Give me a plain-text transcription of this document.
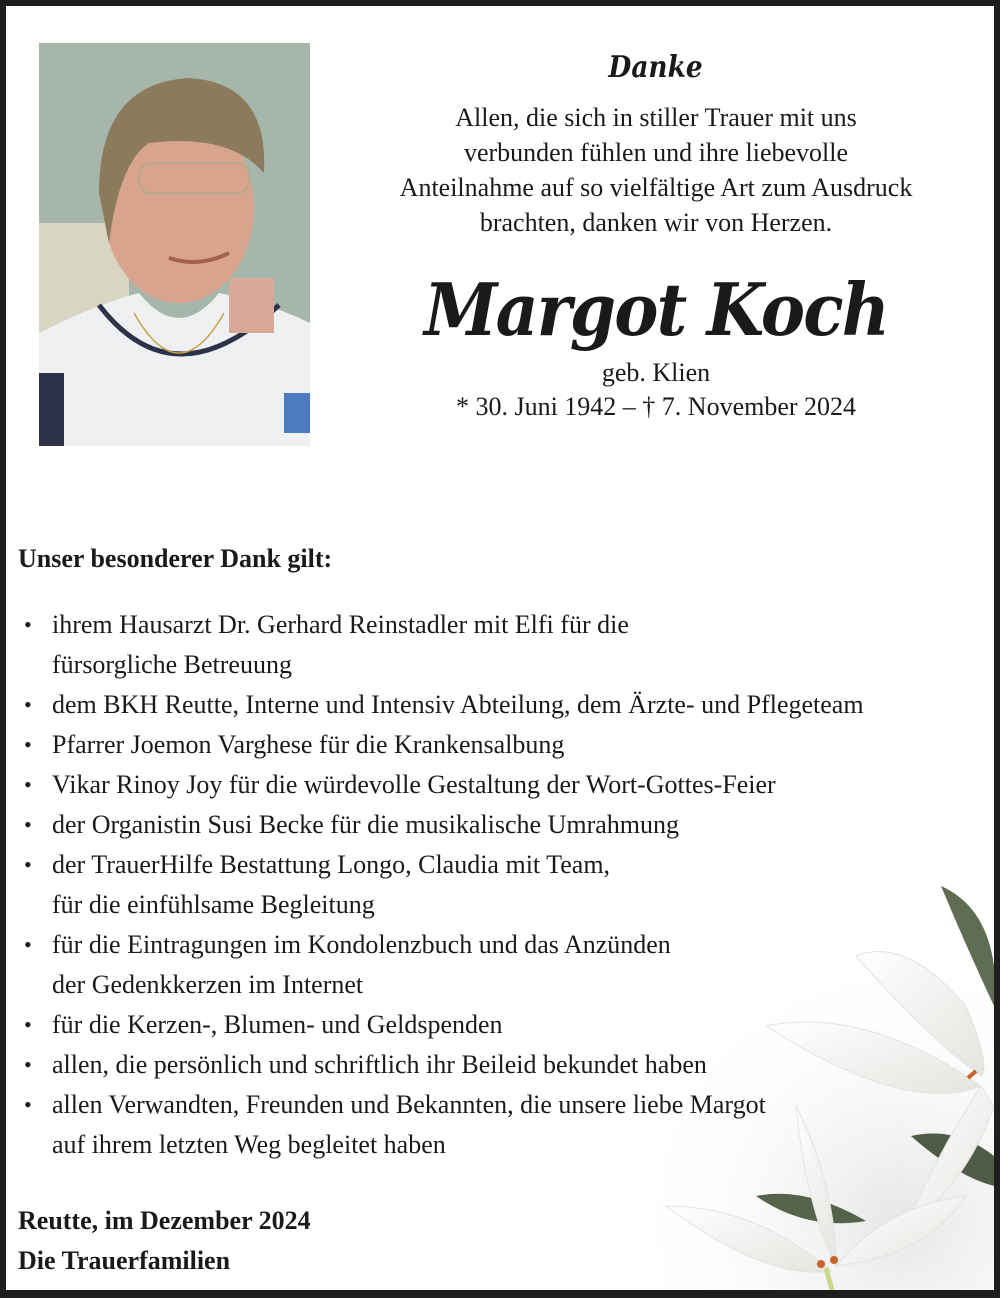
Danke
Allen, die sich in stiller Trauer mit uns
verbunden fühlen und ihre liebevolle
Anteilnahme auf so vielfältige Art zum Ausdruck
brachten, danken wir von Herzen.
Margot Koch
geb. Klien
* 30. Juni 1942 – † 7. November 2024
Unser besonderer Dank gilt:
• ihrem Hausarzt Dr. Gerhard Reinstadler mit Elfi für die
fürsorgliche Betreuung
• dem BKH Reutte, Interne und Intensiv Abteilung, dem Ärzte- und Pflegeteam
• Pfarrer Joemon Varghese für die Krankensalbung
• Vikar Rinoy Joy für die würdevolle Gestaltung der Wort-Gottes-Feier
• der Organistin Susi Becke für die musikalische Umrahmung
• der TrauerHilfe Bestattung Longo, Claudia mit Team,
für die einfühlsame Begleitung
• für die Eintragungen im Kondolenzbuch und das Anzünden
der Gedenkkerzen im Internet
• für die Kerzen-, Blumen- und Geldspenden
• allen, die persönlich und schriftlich ihr Beileid bekundet haben
• allen Verwandten, Freunden und Bekannten, die unsere liebe Margot
auf ihrem letzten Weg begleitet haben
Reutte, im Dezember 2024
Die Trauerfamilien
